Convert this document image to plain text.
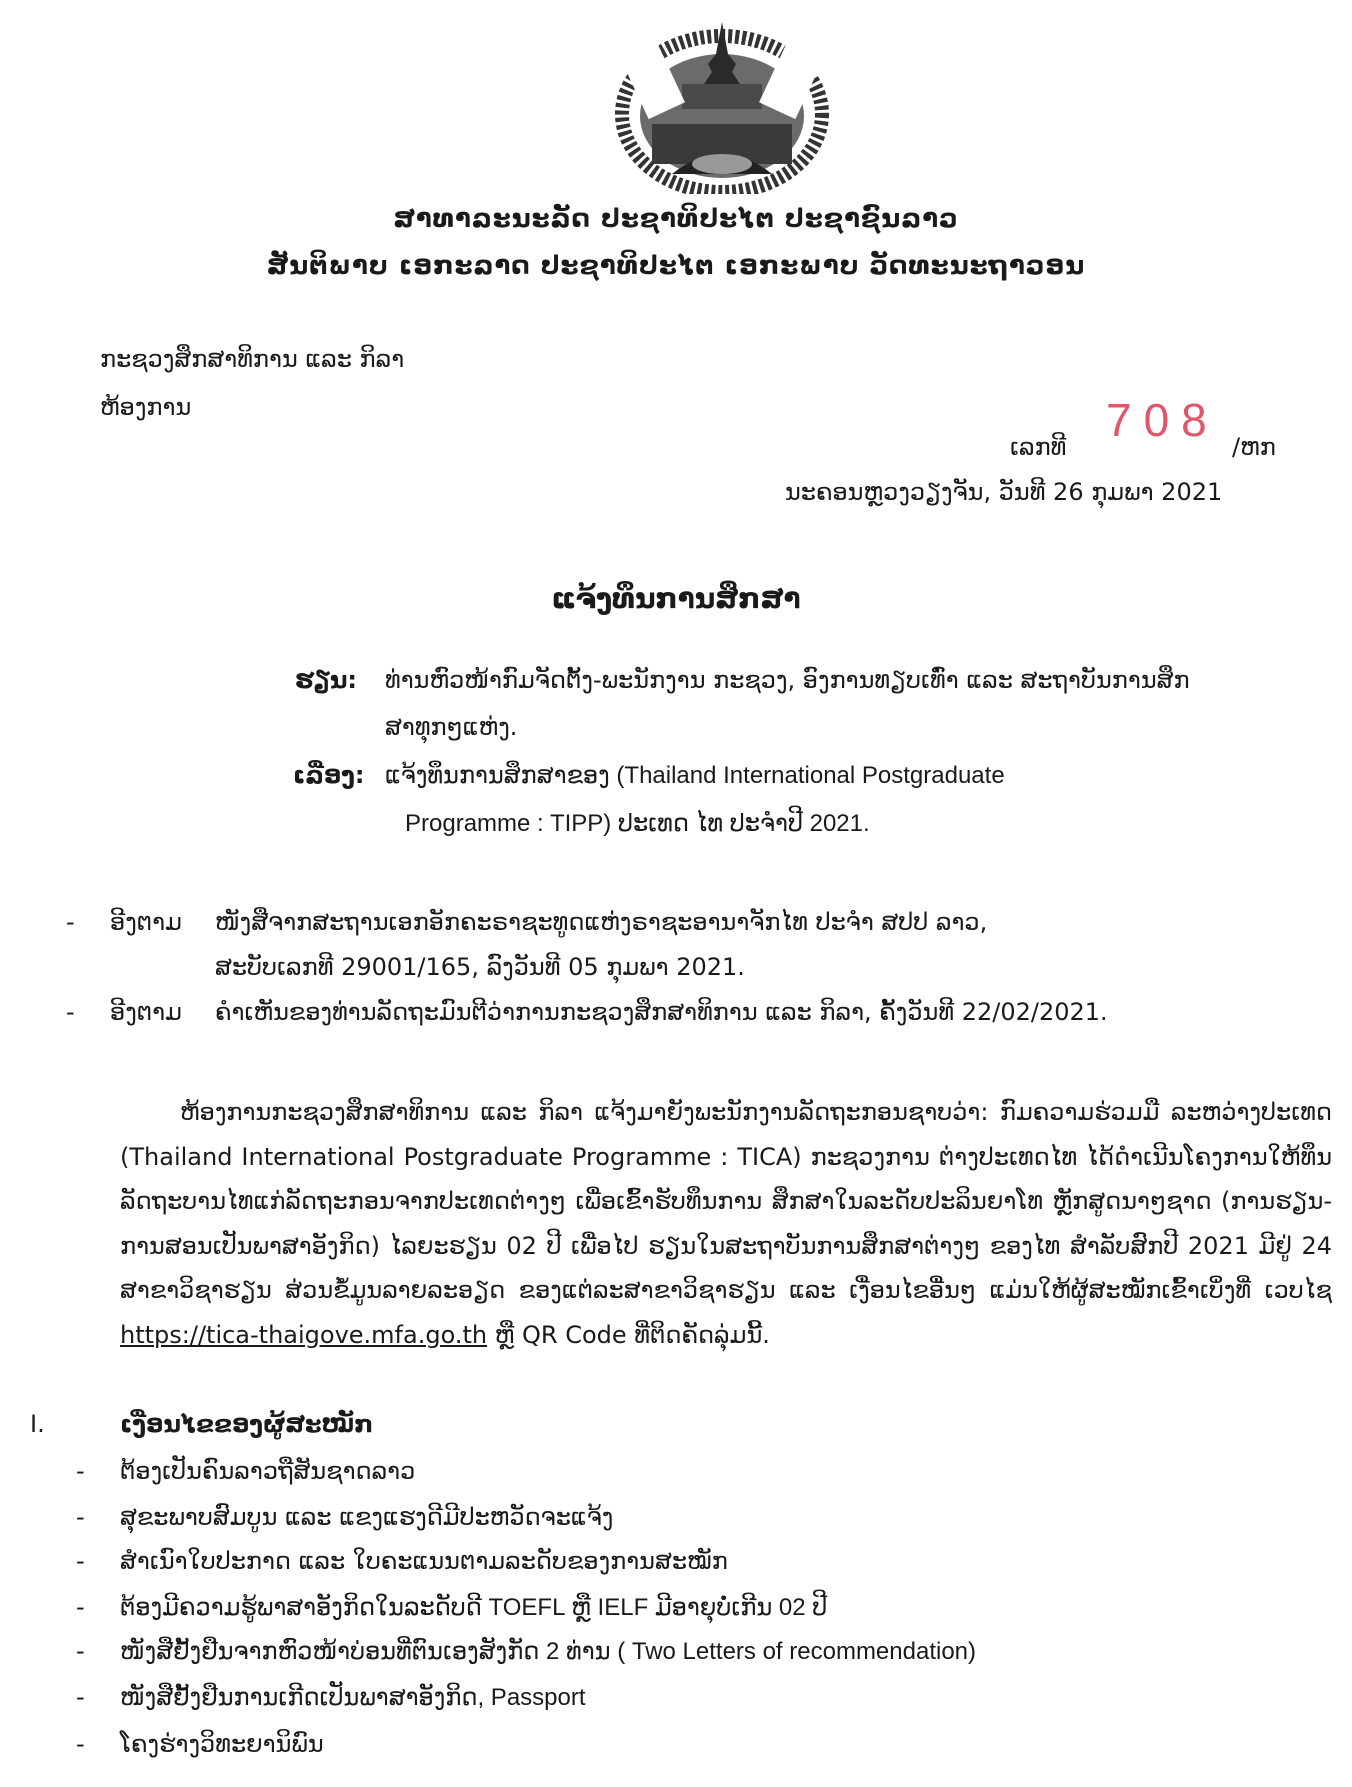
ສາທາລະນະລັດ ປະຊາທິປະໄຕ ປະຊາຊົນລາວ
ສັນຕິພາບ ເອກະລາດ ປະຊາທິປະໄຕ ເອກະພາບ ວັດທະນະຖາວອນ
ກະຊວງສຶກສາທິການ ແລະ ກິລາ
ຫ້ອງການ
ເລກທີ
708
/ຫກ
ນະຄອນຫຼວງວຽງຈັນ, ວັນທີ 26 ກຸມພາ 2021
ແຈ້ງທຶນການສຶກສາ
ຮຽນ: ທ່ານຫົວໜ້າກົມຈັດຕັ້ງ-ພະນັກງານ ກະຊວງ, ອົງການທຽບເທົ່າ ແລະ ສະຖາບັນການສຶກ
ສາທຸກໆແຫ່ງ.
ເລື່ອງ: ແຈ້ງທຶນການສຶກສາຂອງ (Thailand International Postgraduate
Programme : TIPP) ປະເທດ ໄທ ປະຈຳປີ 2021.
- ອີງຕາມ ໜັງສືຈາກສະຖານເອກອັກຄະຣາຊະທູດແຫ່ງຣາຊະອານາຈັກໄທ ປະຈຳ ສປປ ລາວ,
ສະບັບເລກທີ 29001/165, ລົງວັນທີ 05 ກຸມພາ 2021.
- ອີງຕາມ ຄຳເຫັນຂອງທ່ານລັດຖະມົນຕີວ່າການກະຊວງສຶກສາທິການ ແລະ ກິລາ, ຄັ້ງວັນທີ 22/02/2021.
ຫ້ອງການກະຊວງສຶກສາທິການ ແລະ ກິລາ ແຈ້ງມາຍັງພະນັກງານລັດຖະກອນຊາບວ່າ: ກົມຄວາມຮ່ວມມື ລະຫວ່າງປະເທດ (Thailand International Postgraduate Programme : TICA) ກະຊວງການ ຕ່າງປະເທດໄທ ໄດ້ດຳເນີນໂຄງການໃຫ້ທຶນລັດຖະບານໄທແກ່ລັດຖະກອນຈາກປະເທດຕ່າງໆ ເພື່ອເຂົ້າຮັບທຶນການ ສຶກສາໃນລະດັບປະລິນຍາໂທ ຫຼັກສູດນາໆຊາດ (ການຮຽນ-ການສອນເປັນພາສາອັງກິດ) ໄລຍະຮຽນ 02 ປີ ເພື່ອໄປ ຮຽນໃນສະຖາບັນການສຶກສາຕ່າງໆ ຂອງໄທ ສຳລັບສົກປີ 2021 ມີຢູ່ 24 ສາຂາວິຊາຮຽນ ສ່ວນຂໍ້ມູນລາຍລະອຽດ ຂອງແຕ່ລະສາຂາວິຊາຮຽນ ແລະ ເງື່ອນໄຂອື່ນໆ ແມ່ນໃຫ້ຜູ້ສະໝັກເຂົ້າເບິ່ງທີ່ ເວບໄຊ https://tica-thaigove.mfa.go.th ຫຼື QR Code ທີ່ຕິດຄັດລຸ່ມນີ້.
I.	ເງື່ອນໄຂຂອງຜູ້ສະໝັກ
- ຕ້ອງເປັນຄົນລາວຖືສັນຊາດລາວ
- ສຸຂະພາບສົມບູນ ແລະ ແຂງແຮງດີມີປະຫວັດຈະແຈ້ງ
- ສຳເນົາໃບປະກາດ ແລະ ໃບຄະແນນຕາມລະດັບຂອງການສະໝັກ
- ຕ້ອງມີຄວາມຮູ້ພາສາອັງກິດໃນລະດັບດີ TOEFL ຫຼື IELF ມີອາຍຸບໍ່ເກີນ 02 ປີ
- ໜັງສືຢັ້ງຢືນຈາກຫົວໜ້າບ່ອນທີ່ຕົນເອງສັງກັດ 2 ທ່ານ ( Two Letters of recommendation)
- ໜັງສືຢັ້ງຢືນການເກີດເປັນພາສາອັງກິດ, Passport
- ໂຄງຮ່າງວິທະຍານິພົນ
